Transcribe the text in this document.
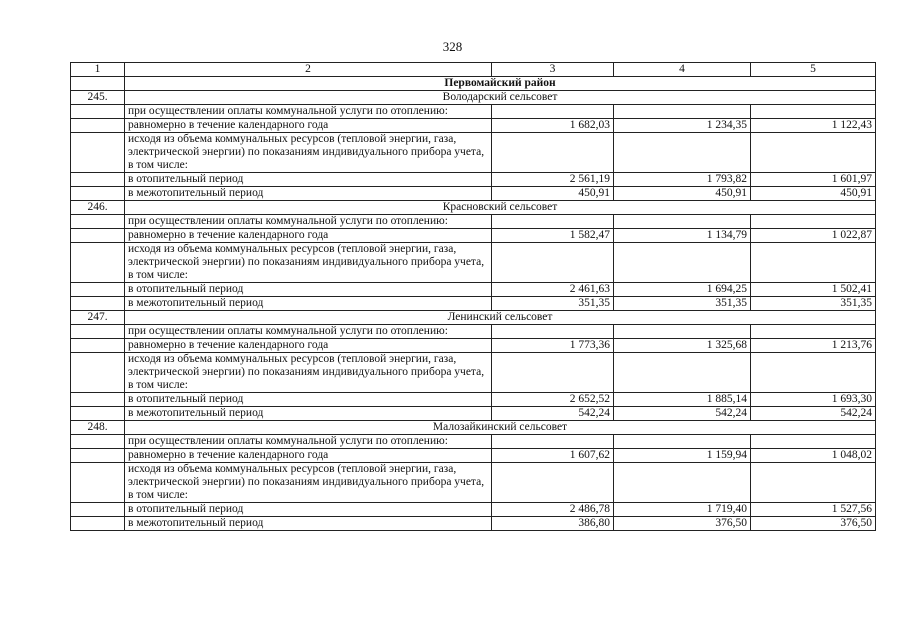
328
1	2	3	4	5
	Первомайский район			
245.	Володарский сельсовет			
	при осуществлении оплаты коммунальной услуги по отоплению:			
	равномерно в течение календарного года	1 682,03	1 234,35	1 122,43
	исходя из объема коммунальных ресурсов (тепловой энергии, газа, электрической энергии) по показаниям индивидуального прибора учета, в том числе:			
	в отопительный период	2 561,19	1 793,82	1 601,97
	в межотопительный период	450,91	450,91	450,91
246.	Красновский сельсовет			
	при осуществлении оплаты коммунальной услуги по отоплению:			
	равномерно в течение календарного года	1 582,47	1 134,79	1 022,87
	исходя из объема коммунальных ресурсов (тепловой энергии, газа, электрической энергии) по показаниям индивидуального прибора учета, в том числе:			
	в отопительный период	2 461,63	1 694,25	1 502,41
	в межотопительный период	351,35	351,35	351,35
247.	Ленинский сельсовет			
	при осуществлении оплаты коммунальной услуги по отоплению:			
	равномерно в течение календарного года	1 773,36	1 325,68	1 213,76
	исходя из объема коммунальных ресурсов (тепловой энергии, газа, электрической энергии) по показаниям индивидуального прибора учета, в том числе:			
	в отопительный период	2 652,52	1 885,14	1 693,30
	в межотопительный период	542,24	542,24	542,24
248.	Малозайкинский сельсовет			
	при осуществлении оплаты коммунальной услуги по отоплению:			
	равномерно в течение календарного года	1 607,62	1 159,94	1 048,02
	исходя из объема коммунальных ресурсов (тепловой энергии, газа, электрической энергии) по показаниям индивидуального прибора учета, в том числе:			
	в отопительный период	2 486,78	1 719,40	1 527,56
	в межотопительный период	386,80	376,50	376,50
